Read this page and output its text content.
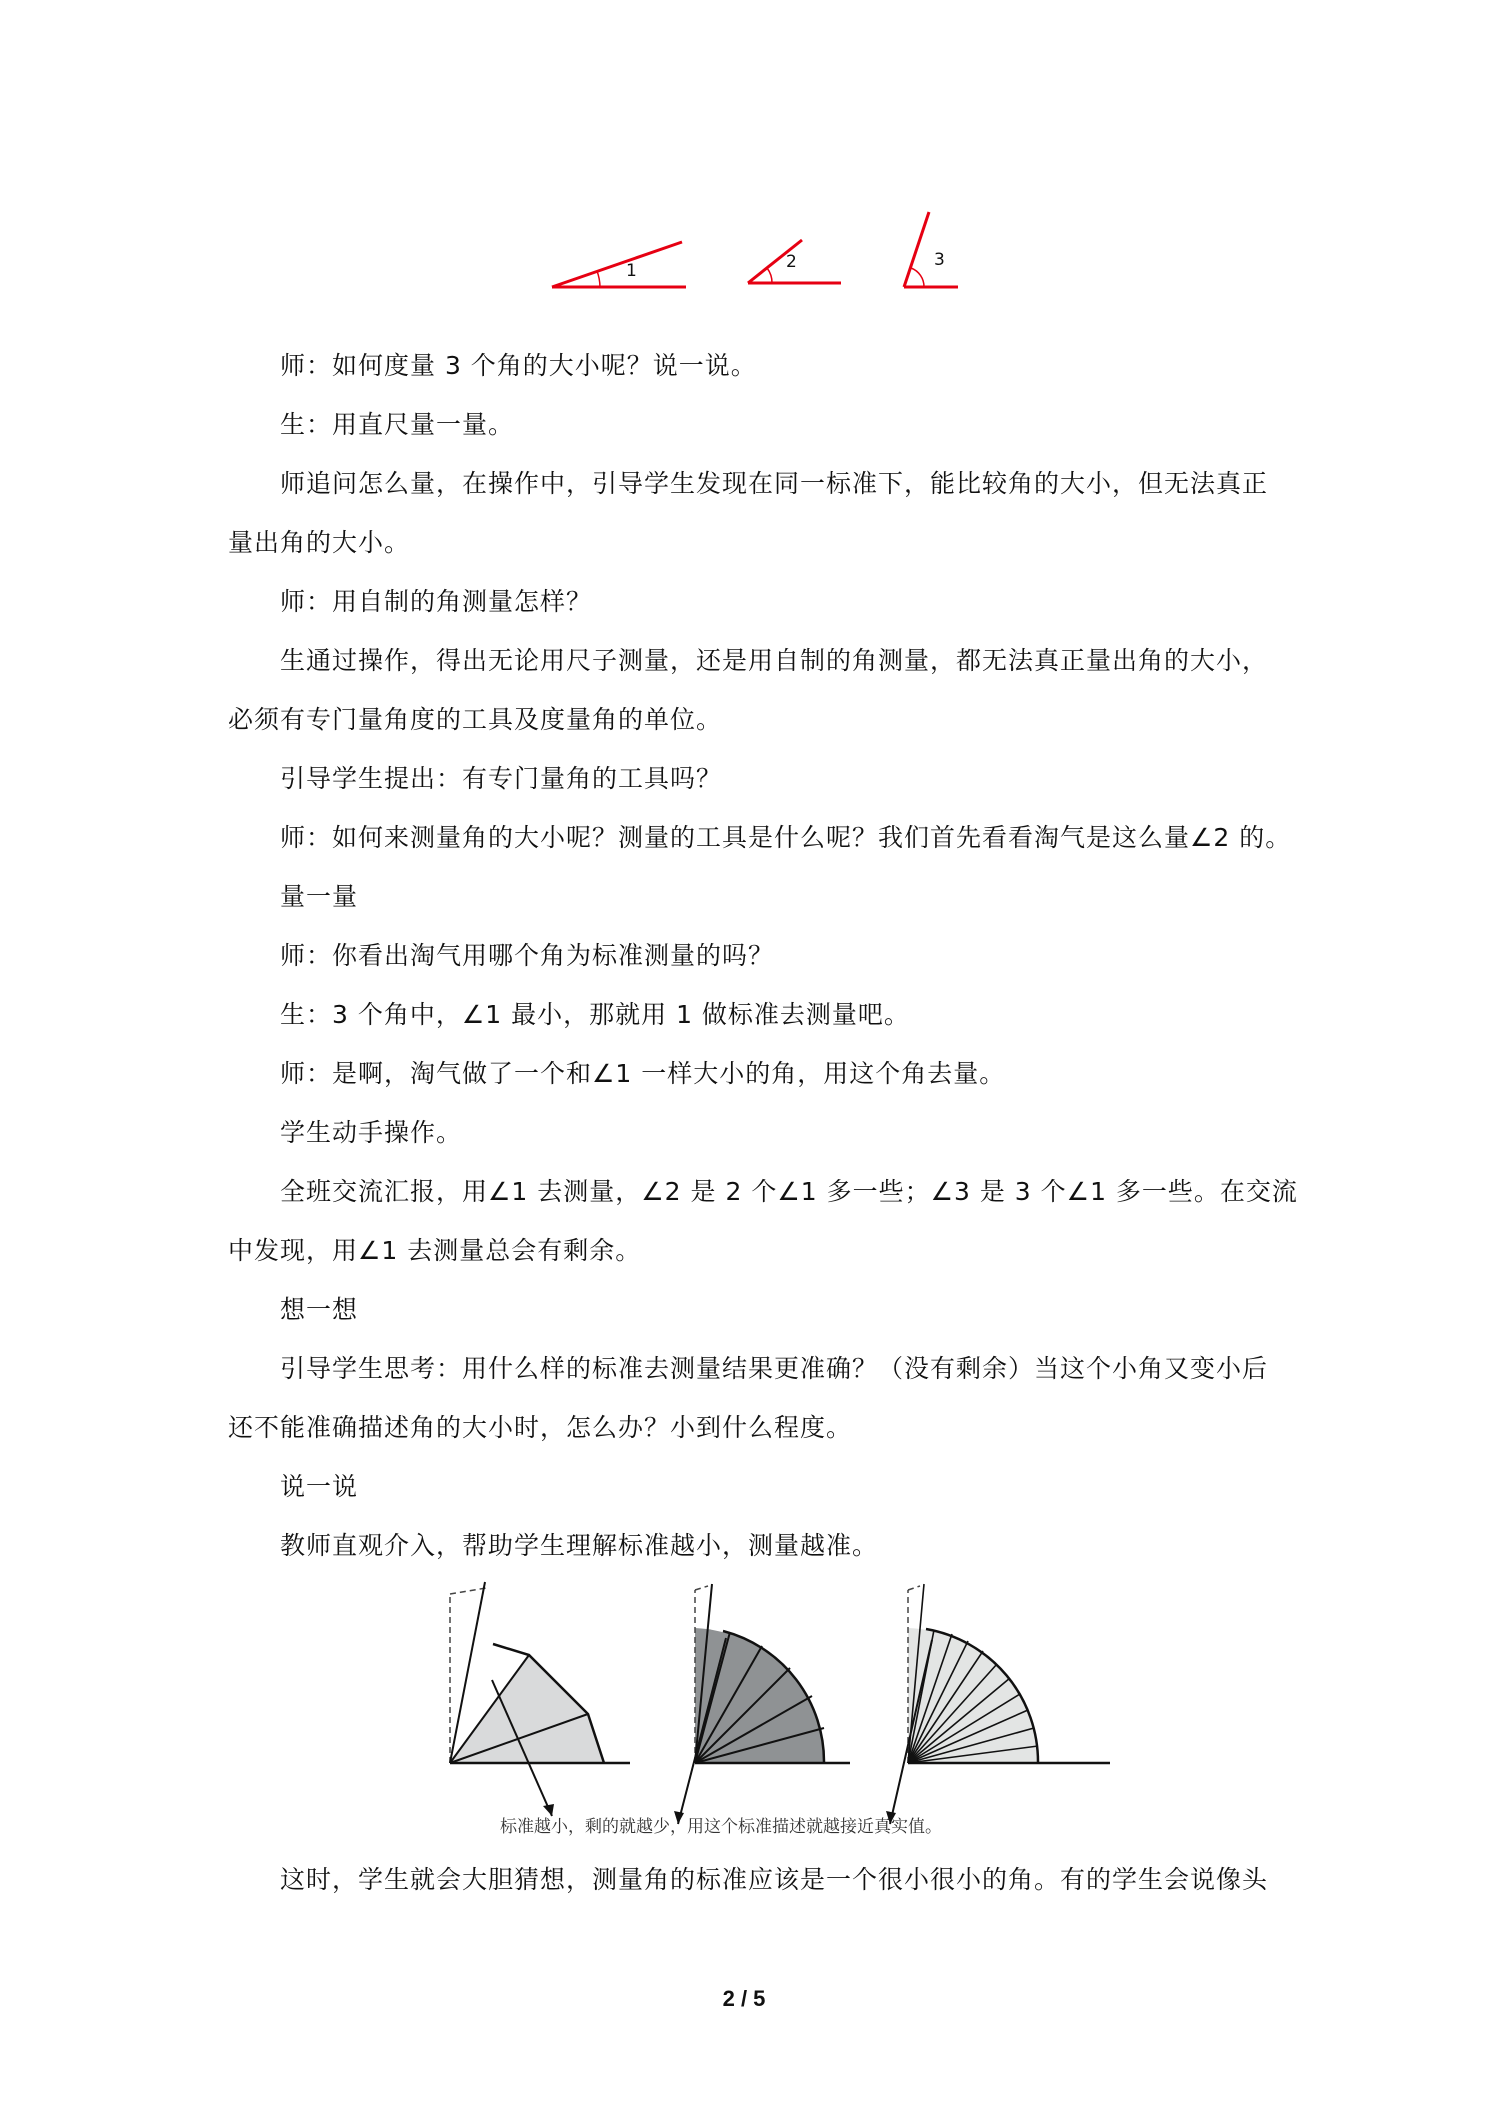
1	2	3
师：如何度量 3 个角的大小呢？说一说。
生：用直尺量一量。
师追问怎么量，在操作中，引导学生发现在同一标准下，能比较角的大小，但无法真正
量出角的大小。
师：用自制的角测量怎样？
生通过操作，得出无论用尺子测量，还是用自制的角测量，都无法真正量出角的大小，
必须有专门量角度的工具及度量角的单位。
引导学生提出：有专门量角的工具吗？
师：如何来测量角的大小呢？测量的工具是什么呢？我们首先看看淘气是这么量∠2 的。
量一量
师：你看出淘气用哪个角为标准测量的吗？
生：3 个角中，∠1 最小，那就用 1 做标准去测量吧。
师：是啊，淘气做了一个和∠1 一样大小的角，用这个角去量。
学生动手操作。
全班交流汇报，用∠1 去测量，∠2 是 2 个∠1 多一些；∠3 是 3 个∠1 多一些。在交流
中发现，用∠1 去测量总会有剩余。
想一想
引导学生思考：用什么样的标准去测量结果更准确？（没有剩余）当这个小角又变小后
还不能准确描述角的大小时，怎么办？小到什么程度。
说一说
教师直观介入，帮助学生理解标准越小，测量越准。
标准越小，剩的就越少，用这个标准描述就越接近真实值。
这时，学生就会大胆猜想，测量角的标准应该是一个很小很小的角。有的学生会说像头
2 / 5
